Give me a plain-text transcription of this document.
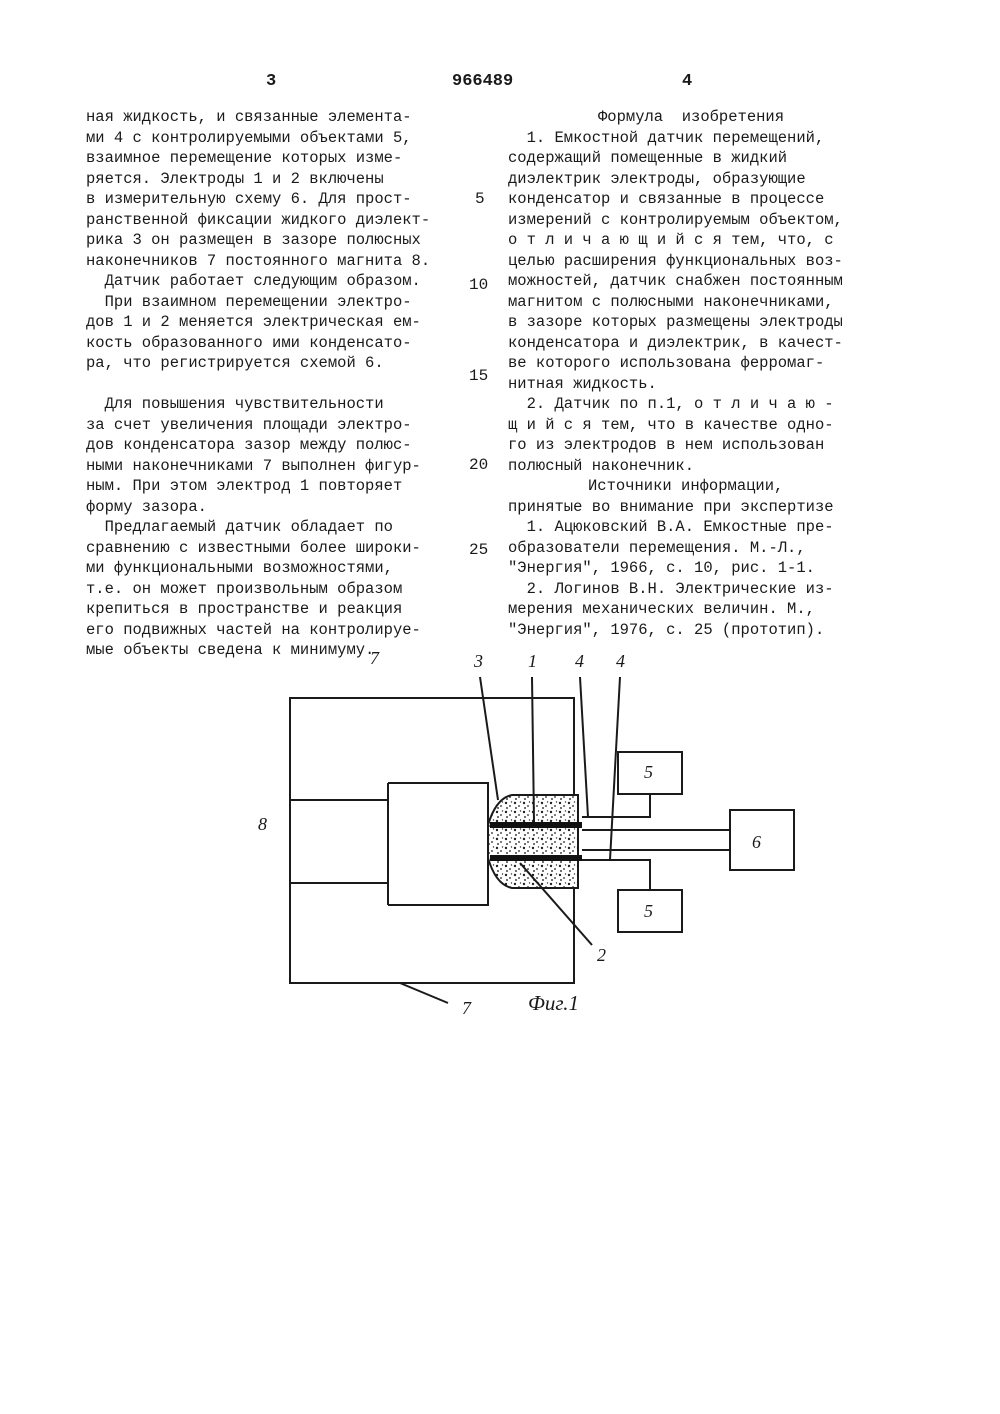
3	966489	4

ная жидкость, и связанные элемента-

ми 4 с контролируемыми объектами 5,

взаимное перемещение которых изме-

ряется. Электроды 1 и 2 включены

в измерительную схему 6. Для прост-

ранственной фиксации жидкого диэлект-

рика 3 он размещен в зазоре полюсных

наконечников 7 постоянного магнита 8.

Датчик работает следующим образом.

При взаимном перемещении электро-

дов 1 и 2 меняется электрическая ем-

кость образованного ими конденсато-

ра, что регистрируется схемой 6.

Для повышения чувствительности

за счет увеличения площади электро-

дов конденсатора зазор между полюс-

ными наконечниками 7 выполнен фигур-

ным. При этом электрод 1 повторяет

форму зазора.

Предлагаемый датчик обладает по

сравнению с известными более широки-

ми функциональными возможностями,

т.е. он может произвольным образом

крепиться в пространстве и реакция

его подвижных частей на контролируе-

мые объекты сведена к минимуму.

5
10
15
20
25

Формула  изобретения

1. Емкостной датчик перемещений,

содержащий помещенные в жидкий

диэлектрик электроды, образующие

конденсатор и связанные в процессе

измерений с контролируемым объектом,

о т л и ч а ю щ и й с я тем, что, с

целью расширения функциональных воз-

можностей, датчик снабжен постоянным

магнитом с полюсными наконечниками,

в зазоре которых размещены электроды

конденсатора и диэлектрик, в качест-

ве которого использована ферромаг-

нитная жидкость.

2. Датчик по п.1, о т л и ч а ю -

щ и й с я тем, что в качестве одно-

го из электродов в нем использован

полюсный наконечник.

Источники информации,

принятые во внимание при экспертизе

1. Ацюковский В.А. Емкостные пре-

образователи перемещения. М.-Л.,

"Энергия", 1966, с. 10, рис. 1-1.

2. Логинов В.Н. Электрические из-

мерения механических величин. М.,

"Энергия", 1976, с. 25 (прототип).

7	3	1 4 4
8
5
6
5
2
7	Фиг.1
